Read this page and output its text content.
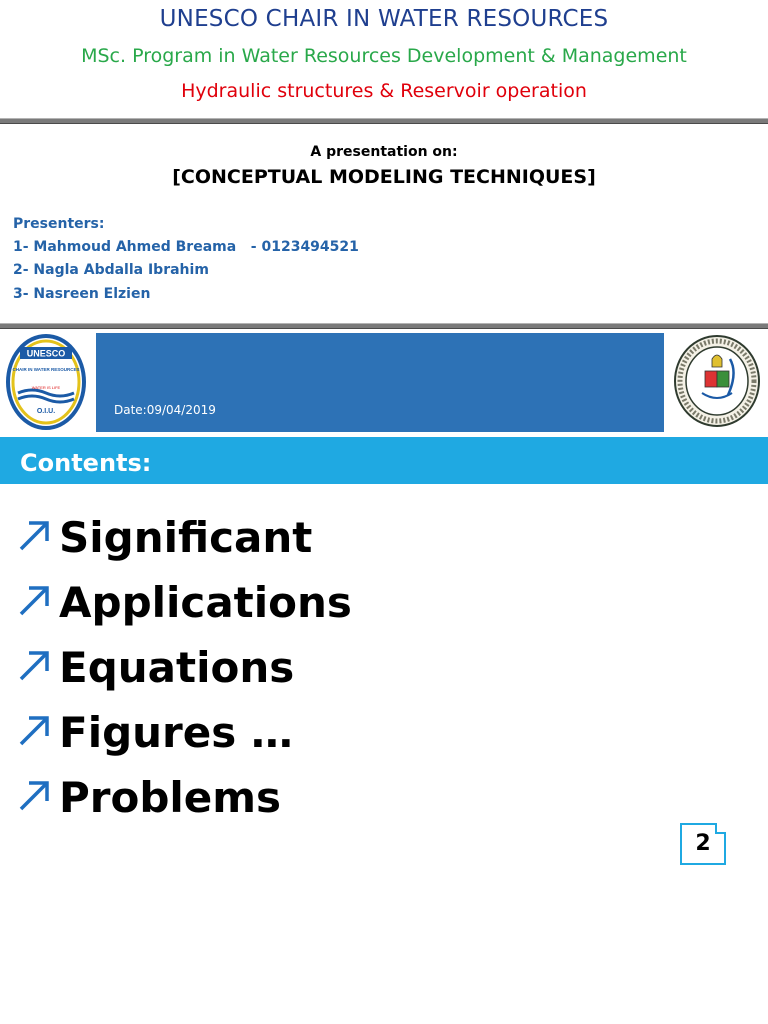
UNESCO CHAIR IN WATER RESOURCES
MSc. Program in Water Resources Development & Management
Hydraulic structures & Reservoir operation
A presentation on:
[CONCEPTUAL MODELING TECHNIQUES]
Presenters:
1- Mahmoud Ahmed Breama   - 0123494521
2- Nagla Abdalla Ibrahim
3- Nasreen Elzien
UNESCO
CHAIR IN WATER RESOURCES
WATER IS LIFE
O.I.U.	Date:09/04/2019
Contents:
Significant
Applications
Equations
Figures …
Problems
2
